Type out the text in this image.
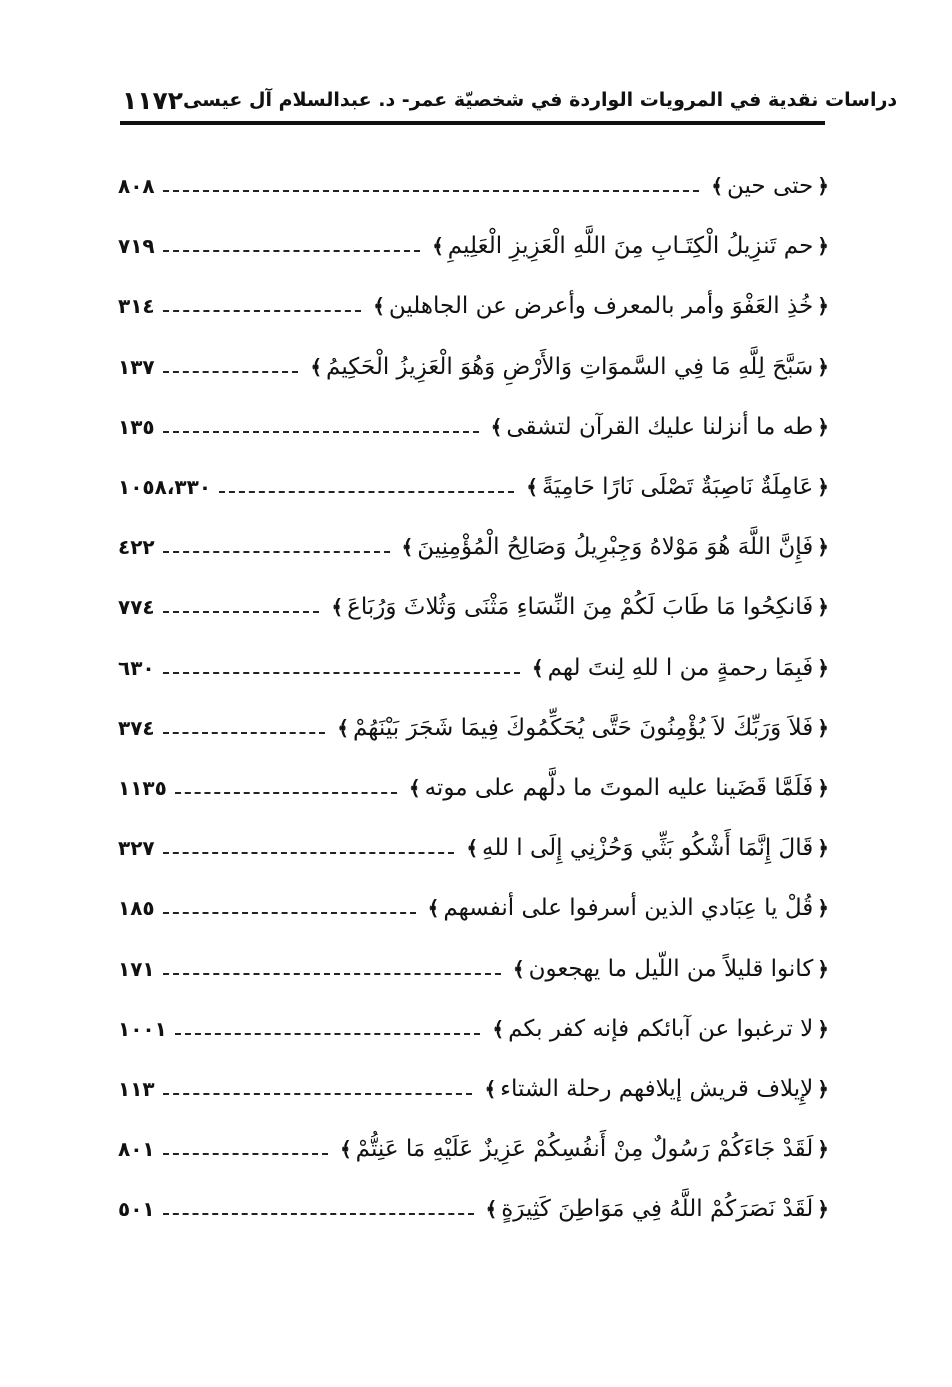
١١٧٢ دراسات نقدية في المرويات الواردة في شخصيّة عمر- د. عبدالسلام آل عيسى
﴿
حتى حين
﴾
٨٠٨
﴿
حم تَنزِيلُ الْكِتَـابِ مِنَ اللَّهِ الْعَزِيزِ الْعَلِيمِ
﴾
٧١٩
﴿
خُذِ العَفْوَ وأمر بالمعرف وأعرض عن الجاهلين
﴾
٣١٤
﴿
سَبَّحَ لِلَّهِ مَا فِي السَّموَاتِ وَالأَرْضِ وَهُوَ الْعَزِيزُ الْحَكِيمُ
﴾
١٣٧
﴿
طه ما أنزلنا عليك القرآن لتشقى
﴾
١٣٥
﴿
عَامِلَةٌ نَاصِبَةٌ تَصْلَى نَارًا حَامِيَةً
﴾
١٠٥٨،٣٣٠
﴿
فَإِنَّ اللَّهَ هُوَ مَوْلاهُ وَجِبْرِيلُ وَصَالِحُ الْمُؤْمِنِينَ
﴾
٤٢٢
﴿
فَانكِحُوا مَا طَابَ لَكُمْ مِنَ النِّسَاءِ مَثْنَى وَثُلاثَ وَرُبَاعَ
﴾
٧٧٤
﴿
فَبِمَا رحمةٍ من ا للهِ لِنتَ لهم
﴾
٦٣٠
﴿
فَلاَ وَرَبِّكَ لاَ يُؤْمِنُونَ حَتَّى يُحَكِّمُوكَ فِيمَا شَجَرَ بَيْنَهُمْ
﴾
٣٧٤
﴿
فَلَمَّا قَضَينا عليه الموتَ ما دلَّهم على موته
﴾
١١٣٥
﴿
قَالَ إِنَّمَا أَشْكُو بَثِّي وَحُزْنِي إِلَى ا للهِ
﴾
٣٢٧
﴿
قُلْ يا عِبَادي الذين أسرفوا على أنفسهم
﴾
١٨٥
﴿
كانوا قليلاً من اللّيل ما يهجعون
﴾
١٧١
﴿
لا ترغبوا عن آبائكم فإنه كفر بكم
﴾
١٠٠١
﴿
لإِيلاف قريش إيلافهم رحلة الشتاء
﴾
١١٣
﴿
لَقَدْ جَاءَكُمْ رَسُولٌ مِنْ أَنفُسِكُمْ عَزِيزٌ عَلَيْهِ مَا عَنِتُّمْ
﴾
٨٠١
﴿
لَقَدْ نَصَرَكُمْ اللَّهُ فِي مَوَاطِنَ كَثِيرَةٍ
﴾
٥٠١
